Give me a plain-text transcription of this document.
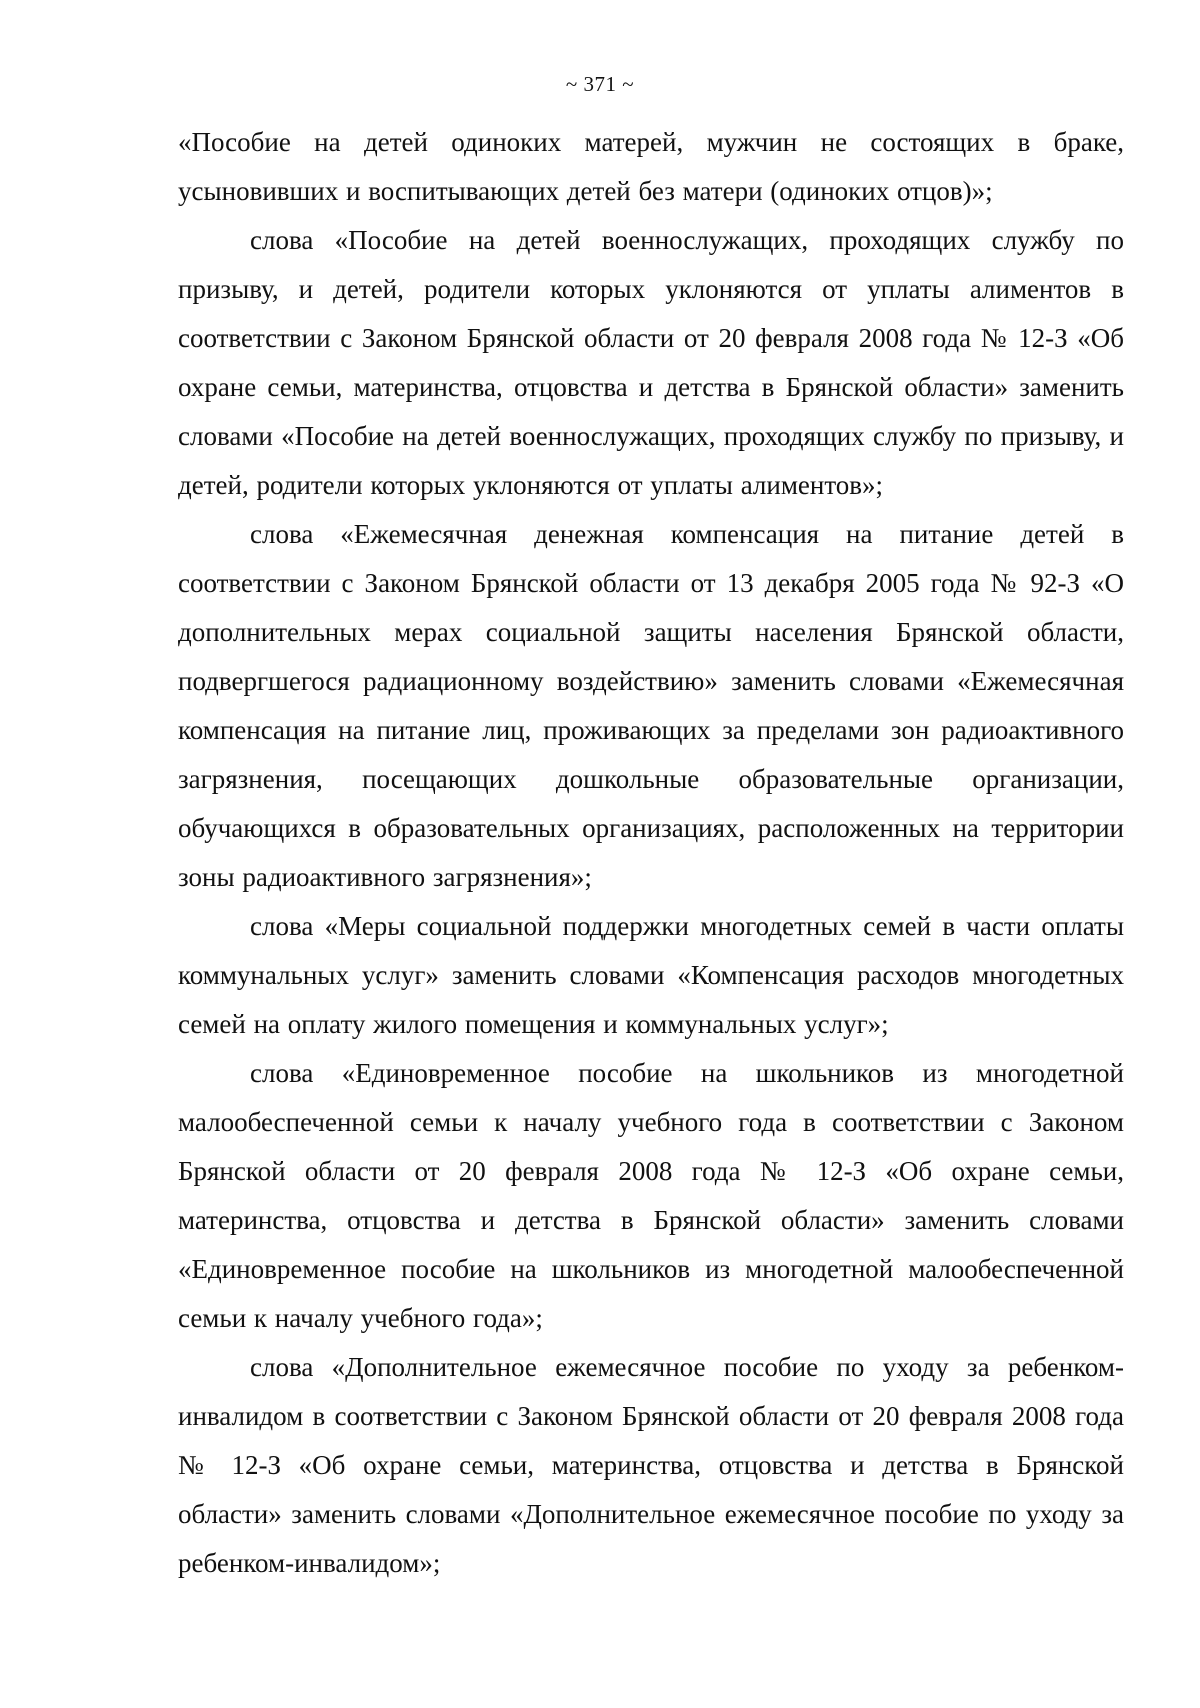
~ 371 ~

«Пособие на детей одиноких матерей, мужчин не состоящих в браке, усыновивших и воспитывающих детей без матери (одиноких отцов)»;

слова «Пособие на детей военнослужащих, проходящих службу по призыву, и детей, родители которых уклоняются от уплаты алиментов в соответствии с Законом Брянской области от 20 февраля 2008 года № 12-З «Об охране семьи, материнства, отцовства и детства в Брянской области» заменить словами «Пособие на детей военнослужащих, проходящих службу по призыву, и детей, родители которых уклоняются от уплаты алиментов»;

слова «Ежемесячная денежная компенсация на питание детей в соответствии с Законом Брянской области от 13 декабря 2005 года № 92-З «О дополнительных мерах социальной защиты населения Брянской области, подвергшегося радиационному воздействию» заменить словами «Ежемесячная компенсация на питание лиц, проживающих за пределами зон радиоактивного загрязнения, посещающих дошкольные образовательные организации, обучающихся в образовательных организациях, расположенных на территории зоны радиоактивного загрязнения»;

слова «Меры социальной поддержки многодетных семей в части оплаты коммунальных услуг» заменить словами «Компенсация расходов многодетных семей на оплату жилого помещения и коммунальных услуг»;

слова «Единовременное пособие на школьников из многодетной малообеспеченной семьи к началу учебного года в соответствии с Законом Брянской области от 20 февраля 2008 года № 12-З «Об охране семьи, материнства, отцовства и детства в Брянской области» заменить словами «Единовременное пособие на школьников из многодетной малообеспеченной семьи к началу учебного года»;

слова «Дополнительное ежемесячное пособие по уходу за ребенком-инвалидом в соответствии с Законом Брянской области от 20 февраля 2008 года № 12-З «Об охране семьи, материнства, отцовства и детства в Брянской области» заменить словами «Дополнительное ежемесячное пособие по уходу за ребенком-инвалидом»;
